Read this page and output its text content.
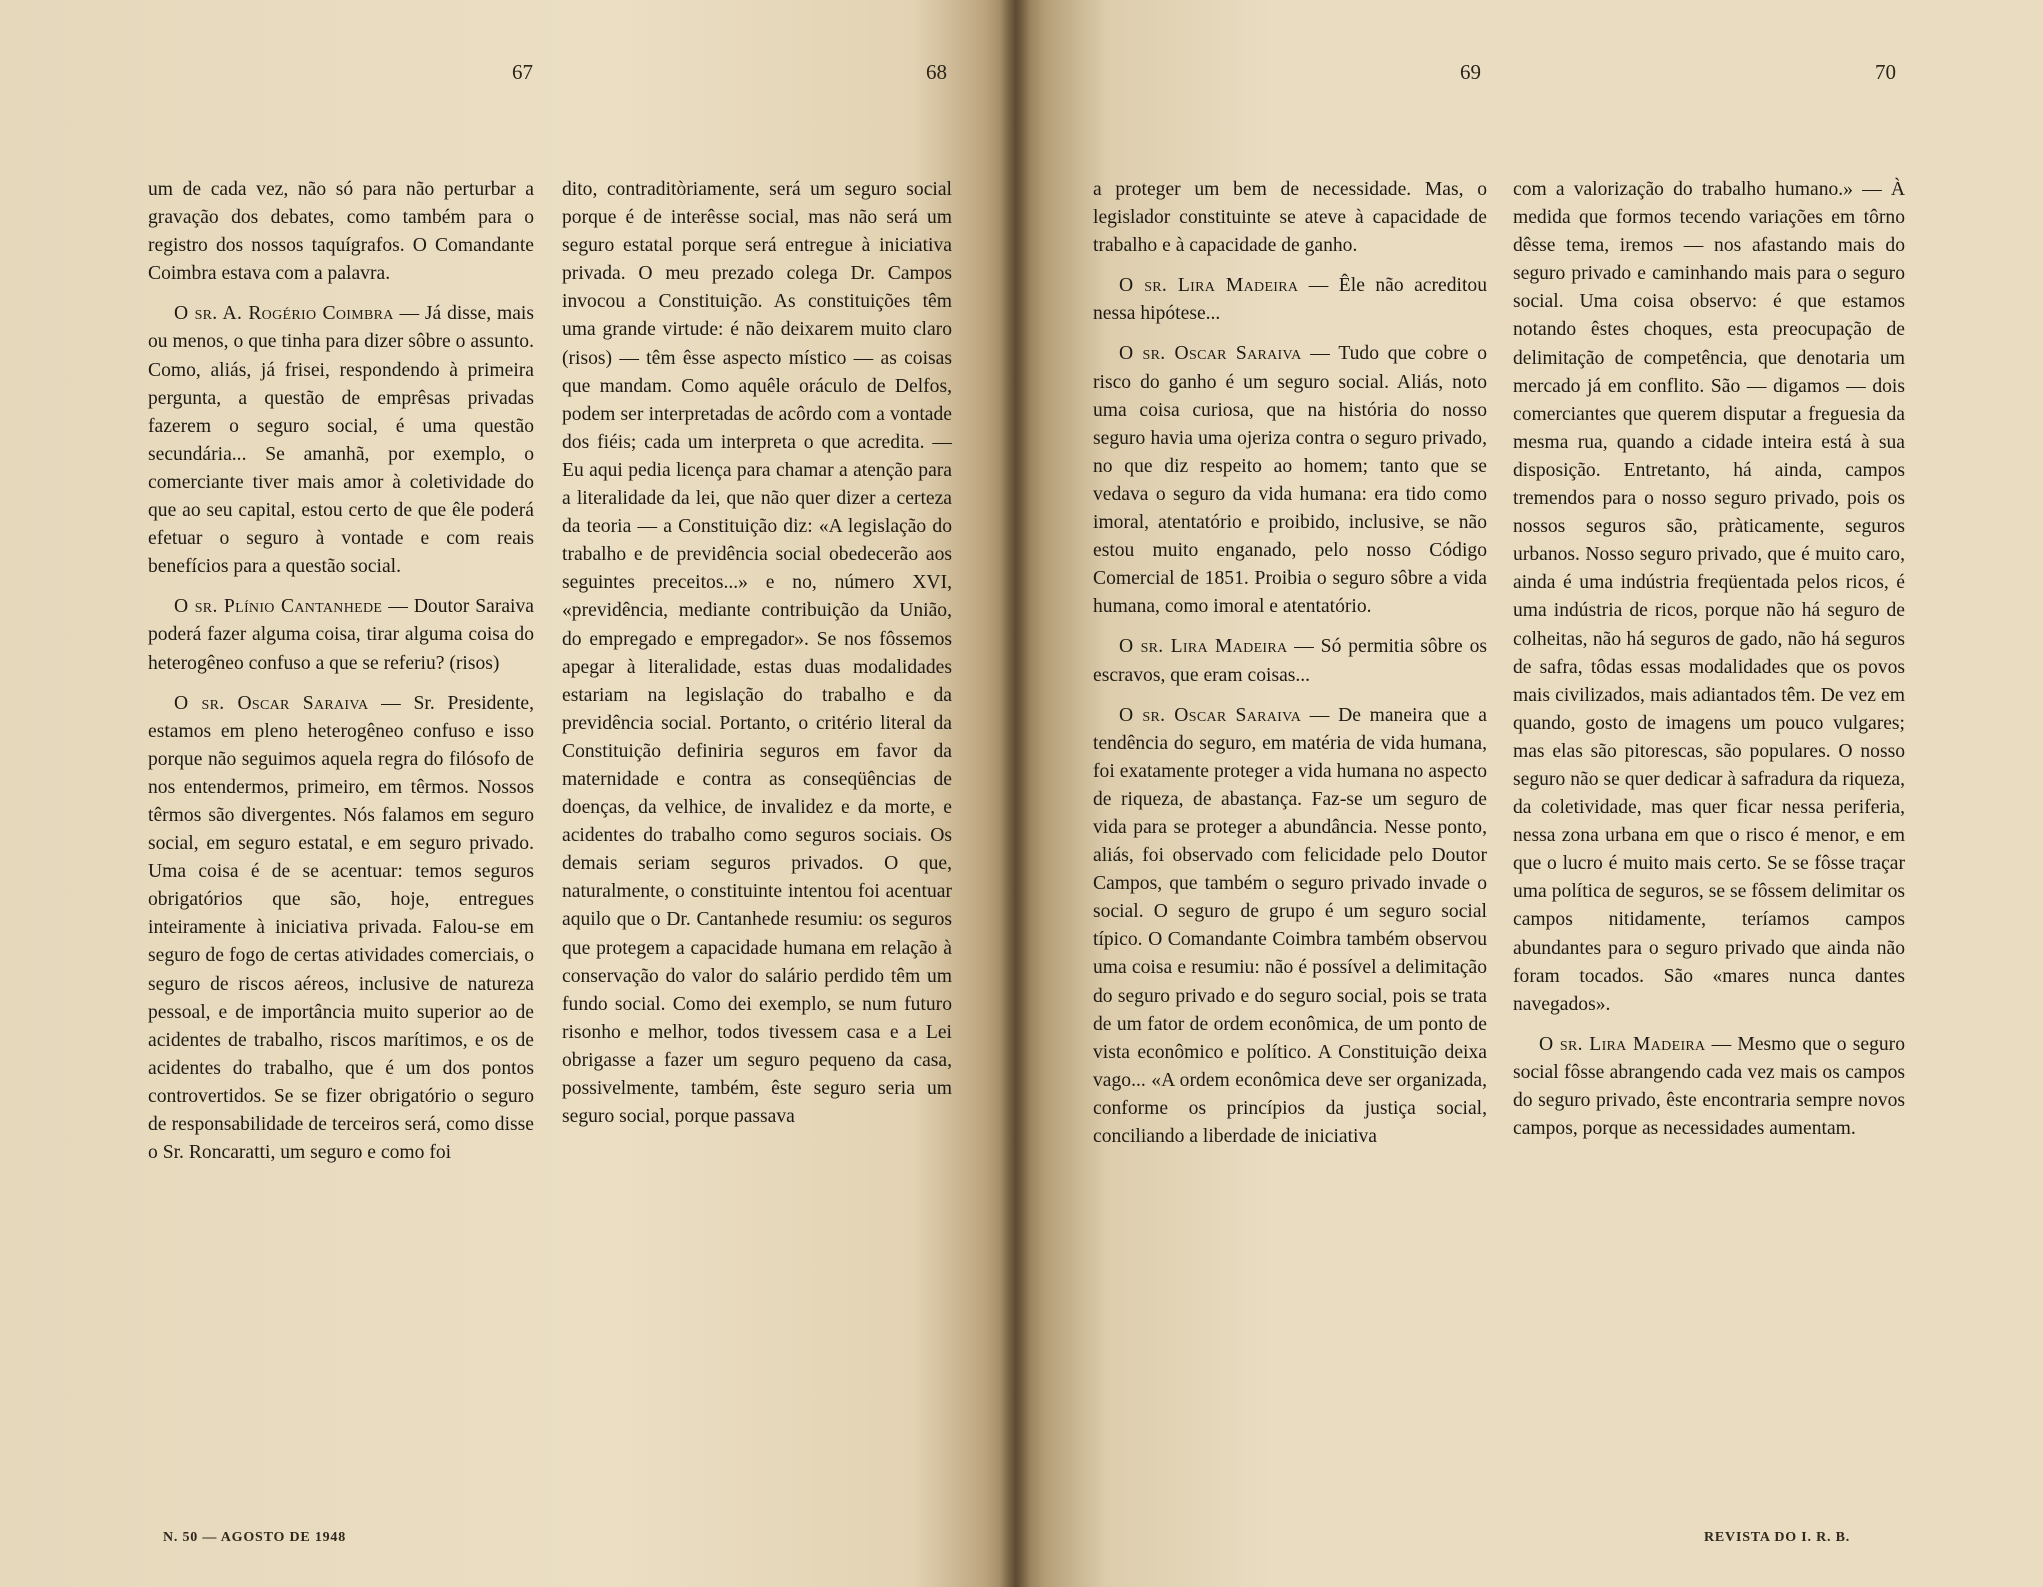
67	68	69	70

um de cada vez, não só para não perturbar a gravação dos debates, como também para o registro dos nossos taquígrafos. O Comandante Coimbra estava com a palavra.

O sr. A. Rogério Coimbra — Já disse, mais ou menos, o que tinha para dizer sôbre o assunto. Como, aliás, já frisei, respondendo à primeira pergunta, a questão de emprêsas privadas fazerem o seguro social, é uma questão secundária... Se amanhã, por exemplo, o comerciante tiver mais amor à coletividade do que ao seu capital, estou certo de que êle poderá efetuar o seguro à vontade e com reais benefícios para a questão social.

O sr. Plínio Cantanhede — Doutor Saraiva poderá fazer alguma coisa, tirar alguma coisa do heterogêneo confuso a que se referiu? (risos)

O sr. Oscar Saraiva — Sr. Presidente, estamos em pleno heterogêneo confuso e isso porque não seguimos aquela regra do filósofo de nos entendermos, primeiro, em têrmos. Nossos têrmos são divergentes. Nós falamos em seguro social, em seguro estatal, e em seguro privado. Uma coisa é de se acentuar: temos seguros obrigatórios que são, hoje, entregues inteiramente à iniciativa privada. Falou-se em seguro de fogo de certas atividades comerciais, o seguro de riscos aéreos, inclusive de natureza pessoal, e de importância muito superior ao de acidentes de trabalho, riscos marítimos, e os de acidentes do trabalho, que é um dos pontos controvertidos. Se se fizer obrigatório o seguro de responsabilidade de terceiros será, como disse o Sr. Roncaratti, um seguro e como foi

dito, contraditòriamente, será um seguro social porque é de interêsse social, mas não será um seguro estatal porque será entregue à iniciativa privada. O meu prezado colega Dr. Campos invocou a Constituição. As constituições têm uma grande virtude: é não deixarem muito claro (risos) — têm êsse aspecto místico — as coisas que mandam. Como aquêle oráculo de Delfos, podem ser interpretadas de acôrdo com a vontade dos fiéis; cada um interpreta o que acredita. — Eu aqui pedia licença para chamar a atenção para a literalidade da lei, que não quer dizer a certeza da teoria — a Constituição diz: «A legislação do trabalho e de previdência social obedecerão aos seguintes preceitos...» e no, número XVI, «previdência, mediante contribuição da União, do empregado e empregador». Se nos fôssemos apegar à literalidade, estas duas modalidades estariam na legislação do trabalho e da previdência social. Portanto, o critério literal da Constituição definiria seguros em favor da maternidade e contra as conseqüências de doenças, da velhice, de invalidez e da morte, e acidentes do trabalho como seguros sociais. Os demais seriam seguros privados. O que, naturalmente, o constituinte intentou foi acentuar aquilo que o Dr. Cantanhede resumiu: os seguros que protegem a capacidade humana em relação à conservação do valor do salário perdido têm um fundo social. Como dei exemplo, se num futuro risonho e melhor, todos tivessem casa e a Lei obrigasse a fazer um seguro pequeno da casa, possivelmente, também, êste seguro seria um seguro social, porque passava

a proteger um bem de necessidade. Mas, o legislador constituinte se ateve à capacidade de trabalho e à capacidade de ganho.

O sr. Lira Madeira — Êle não acreditou nessa hipótese...

O sr. Oscar Saraiva — Tudo que cobre o risco do ganho é um seguro social. Aliás, noto uma coisa curiosa, que na história do nosso seguro havia uma ojeriza contra o seguro privado, no que diz respeito ao homem; tanto que se vedava o seguro da vida humana: era tido como imoral, atentatório e proibido, inclusive, se não estou muito enganado, pelo nosso Código Comercial de 1851. Proibia o seguro sôbre a vida humana, como imoral e atentatório.

O sr. Lira Madeira — Só permitia sôbre os escravos, que eram coisas...

O sr. Oscar Saraiva — De maneira que a tendência do seguro, em matéria de vida humana, foi exatamente proteger a vida humana no aspecto de riqueza, de abastança. Faz-se um seguro de vida para se proteger a abundância. Nesse ponto, aliás, foi observado com felicidade pelo Doutor Campos, que também o seguro privado invade o social. O seguro de grupo é um seguro social típico. O Comandante Coimbra também observou uma coisa e resumiu: não é possível a delimitação do seguro privado e do seguro social, pois se trata de um fator de ordem econômica, de um ponto de vista econômico e político. A Constituição deixa vago... «A ordem econômica deve ser organizada, conforme os princípios da justiça social, conciliando a liberdade de iniciativa

com a valorização do trabalho humano.» — À medida que formos tecendo variações em tôrno dêsse tema, iremos — nos afastando mais do seguro privado e caminhando mais para o seguro social. Uma coisa observo: é que estamos notando êstes choques, esta preocupação de delimitação de competência, que denotaria um mercado já em conflito. São — digamos — dois comerciantes que querem disputar a freguesia da mesma rua, quando a cidade inteira está à sua disposição. Entretanto, há ainda, campos tremendos para o nosso seguro privado, pois os nossos seguros são, pràticamente, seguros urbanos. Nosso seguro privado, que é muito caro, ainda é uma indústria freqüentada pelos ricos, é uma indústria de ricos, porque não há seguro de colheitas, não há seguros de gado, não há seguros de safra, tôdas essas modalidades que os povos mais civilizados, mais adiantados têm. De vez em quando, gosto de imagens um pouco vulgares; mas elas são pitorescas, são populares. O nosso seguro não se quer dedicar à safradura da riqueza, da coletividade, mas quer ficar nessa periferia, nessa zona urbana em que o risco é menor, e em que o lucro é muito mais certo. Se se fôsse traçar uma política de seguros, se se fôssem delimitar os campos nitidamente, teríamos campos abundantes para o seguro privado que ainda não foram tocados. São «mares nunca dantes navegados».

O sr. Lira Madeira — Mesmo que o seguro social fôsse abrangendo cada vez mais os campos do seguro privado, êste encontraria sempre novos campos, porque as necessidades aumentam.

N. 50 — AGOSTO DE 1948	REVISTA DO I. R. B.
